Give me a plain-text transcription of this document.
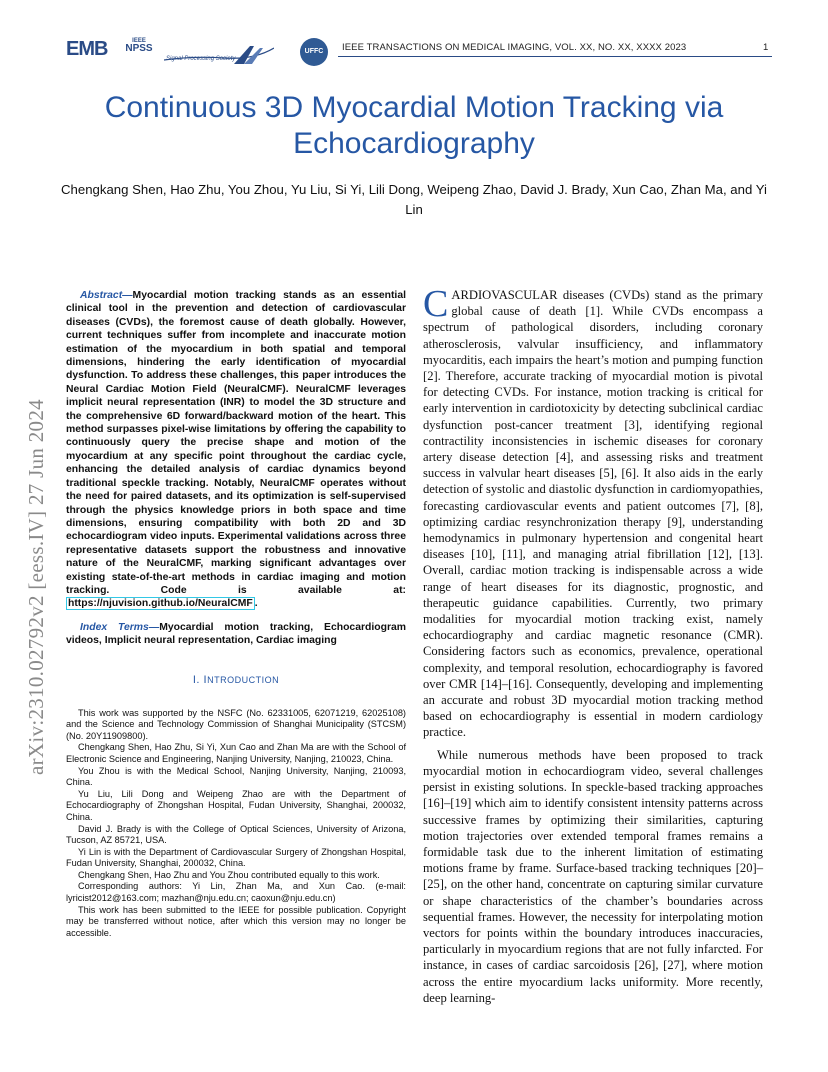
EMB	IEEE
NPSS
Signal Processing Society
UFFC	IEEE TRANSACTIONS ON MEDICAL IMAGING, VOL. XX, NO. XX, XXXX 2023	1
Continuous 3D Myocardial Motion Tracking via Echocardiography
Chengkang Shen, Hao Zhu, You Zhou, Yu Liu, Si Yi, Lili Dong, Weipeng Zhao, David J. Brady, Xun Cao, Zhan Ma, and Yi Lin
arXiv:2310.02792v2 [eess.IV] 27 Jun 2024

Abstract—Myocardial motion tracking stands as an essential clinical tool in the prevention and detection of cardiovascular diseases (CVDs), the foremost cause of death globally. However, current techniques suffer from incomplete and inaccurate motion estimation of the myocardium in both spatial and temporal dimensions, hindering the early identification of myocardial dysfunction. To address these challenges, this paper introduces the Neural Cardiac Motion Field (NeuralCMF). NeuralCMF leverages implicit neural representation (INR) to model the 3D structure and the comprehensive 6D forward/backward motion of the heart. This method surpasses pixel-wise limitations by offering the capability to continuously query the precise shape and motion of the myocardium at any specific point throughout the cardiac cycle, enhancing the detailed analysis of cardiac dynamics beyond traditional speckle tracking. Notably, NeuralCMF operates without the need for paired datasets, and its optimization is self-supervised through the physics knowledge priors in both space and time dimensions, ensuring compatibility with both 2D and 3D echocardiogram video inputs. Experimental validations across three representative datasets support the robustness and innovative nature of the NeuralCMF, marking significant advantages over existing state-of-the-art methods in cardiac imaging and motion tracking. Code is available at: https://njuvision.github.io/NeuralCMF .

Index Terms—Myocardial motion tracking, Echocardiogram videos, Implicit neural representation, Cardiac imaging

I. INTRODUCTION

This work was supported by the NSFC (No. 62331005, 62071219, 62025108) and the Science and Technology Commission of Shanghai Municipality (STCSM) (No. 20Y11909800).

Chengkang Shen, Hao Zhu, Si Yi, Xun Cao and Zhan Ma are with the School of Electronic Science and Engineering, Nanjing University, Nanjing, 210023, China.

You Zhou is with the Medical School, Nanjing University, Nanjing, 210093, China.

Yu Liu, Lili Dong and Weipeng Zhao are with the Department of Echocardiography of Zhongshan Hospital, Fudan University, Shanghai, 200032, China.

David J. Brady is with the College of Optical Sciences, University of Arizona, Tucson, AZ 85721, USA.

Yi Lin is with the Department of Cardiovascular Surgery of Zhongshan Hospital, Fudan University, Shanghai, 200032, China.

Chengkang Shen, Hao Zhu and You Zhou contributed equally to this work.

Corresponding authors: Yi Lin, Zhan Ma, and Xun Cao. (e-mail: lyricist2012@163.com; mazhan@nju.edu.cn; caoxun@nju.edu.cn)

This work has been submitted to the IEEE for possible publication. Copyright may be transferred without notice, after which this version may no longer be accessible.

CARDIOVASCULAR diseases (CVDs) stand as the primary global cause of death [1]. While CVDs encompass a spectrum of pathological disorders, including coronary atherosclerosis, valvular insufficiency, and inflammatory myocarditis, each impairs the heart’s motion and pumping function [2]. Therefore, accurate tracking of myocardial motion is pivotal for detecting CVDs. For instance, motion tracking is critical for early intervention in cardiotoxicity by detecting subclinical cardiac dysfunction post-cancer treatment [3], identifying regional contractility inconsistencies in ischemic diseases for coronary artery disease detection [4], and assessing risks and treatment success in valvular heart diseases [5], [6]. It also aids in the early detection of systolic and diastolic dysfunction in cardiomyopathies, forecasting cardiovascular events and patient outcomes [7], [8], optimizing cardiac resynchronization therapy [9], understanding hemodynamics in pulmonary hypertension and congenital heart diseases [10], [11], and managing atrial fibrillation [12], [13]. Overall, cardiac motion tracking is indispensable across a wide range of heart diseases for its diagnostic, prognostic, and therapeutic guidance capabilities. Currently, two primary modalities for myocardial motion tracking exist, namely echocardiography and cardiac magnetic resonance (CMR). Considering factors such as economics, prevalence, operational complexity, and temporal resolution, echocardiography is favored over CMR [14]–[16]. Consequently, developing and implementing an accurate and robust 3D myocardial motion tracking method based on echocardiography is essential in modern cardiology practice.

While numerous methods have been proposed to track myocardial motion in echocardiogram video, several challenges persist in existing solutions. In speckle-based tracking approaches [16]–[19] which aim to identify consistent intensity patterns across successive frames by optimizing their similarities, capturing motion trajectories over extended temporal frames remains a formidable task due to the inherent limitation of estimating motions frame by frame. Surface-based tracking techniques [20]–[25], on the other hand, concentrate on capturing similar curvature or shape characteristics of the chamber’s boundaries across sequential frames. However, the necessity for interpolating motion vectors for points within the boundary introduces inaccuracies, particularly in myocardium regions that are not fully infarcted. For instance, in cases of cardiac sarcoidosis [26], [27], where motion across the entire myocardium lacks uniformity. More recently, deep learning-
